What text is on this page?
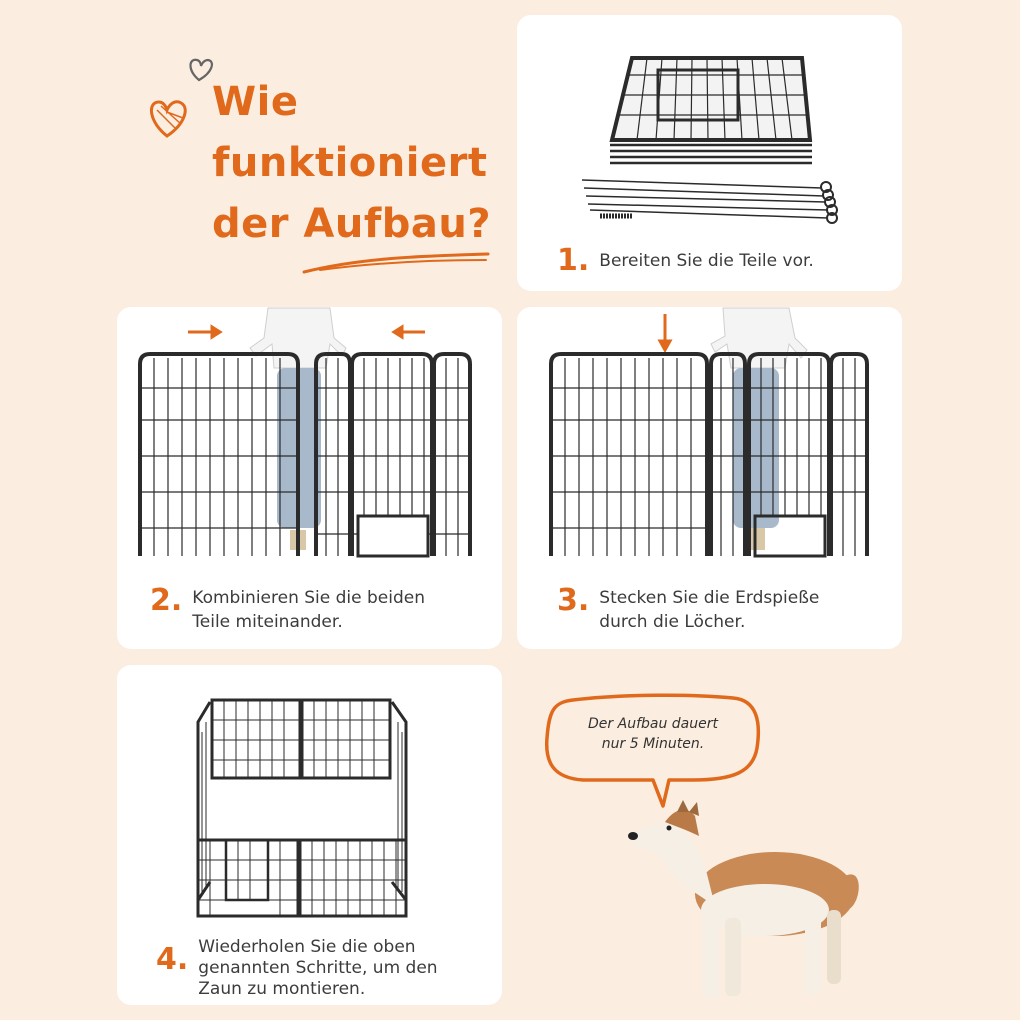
Wie
funktioniert
der Aufbau?
1. Bereiten Sie die Teile vor.
2. Kombinieren Sie die beiden
Teile miteinander.
3. Stecken Sie die Erdspieße
durch die Löcher.
4. Wiederholen Sie die oben
genannten Schritte, um den
Zaun zu montieren.
Der Aufbau dauert
nur 5 Minuten.
